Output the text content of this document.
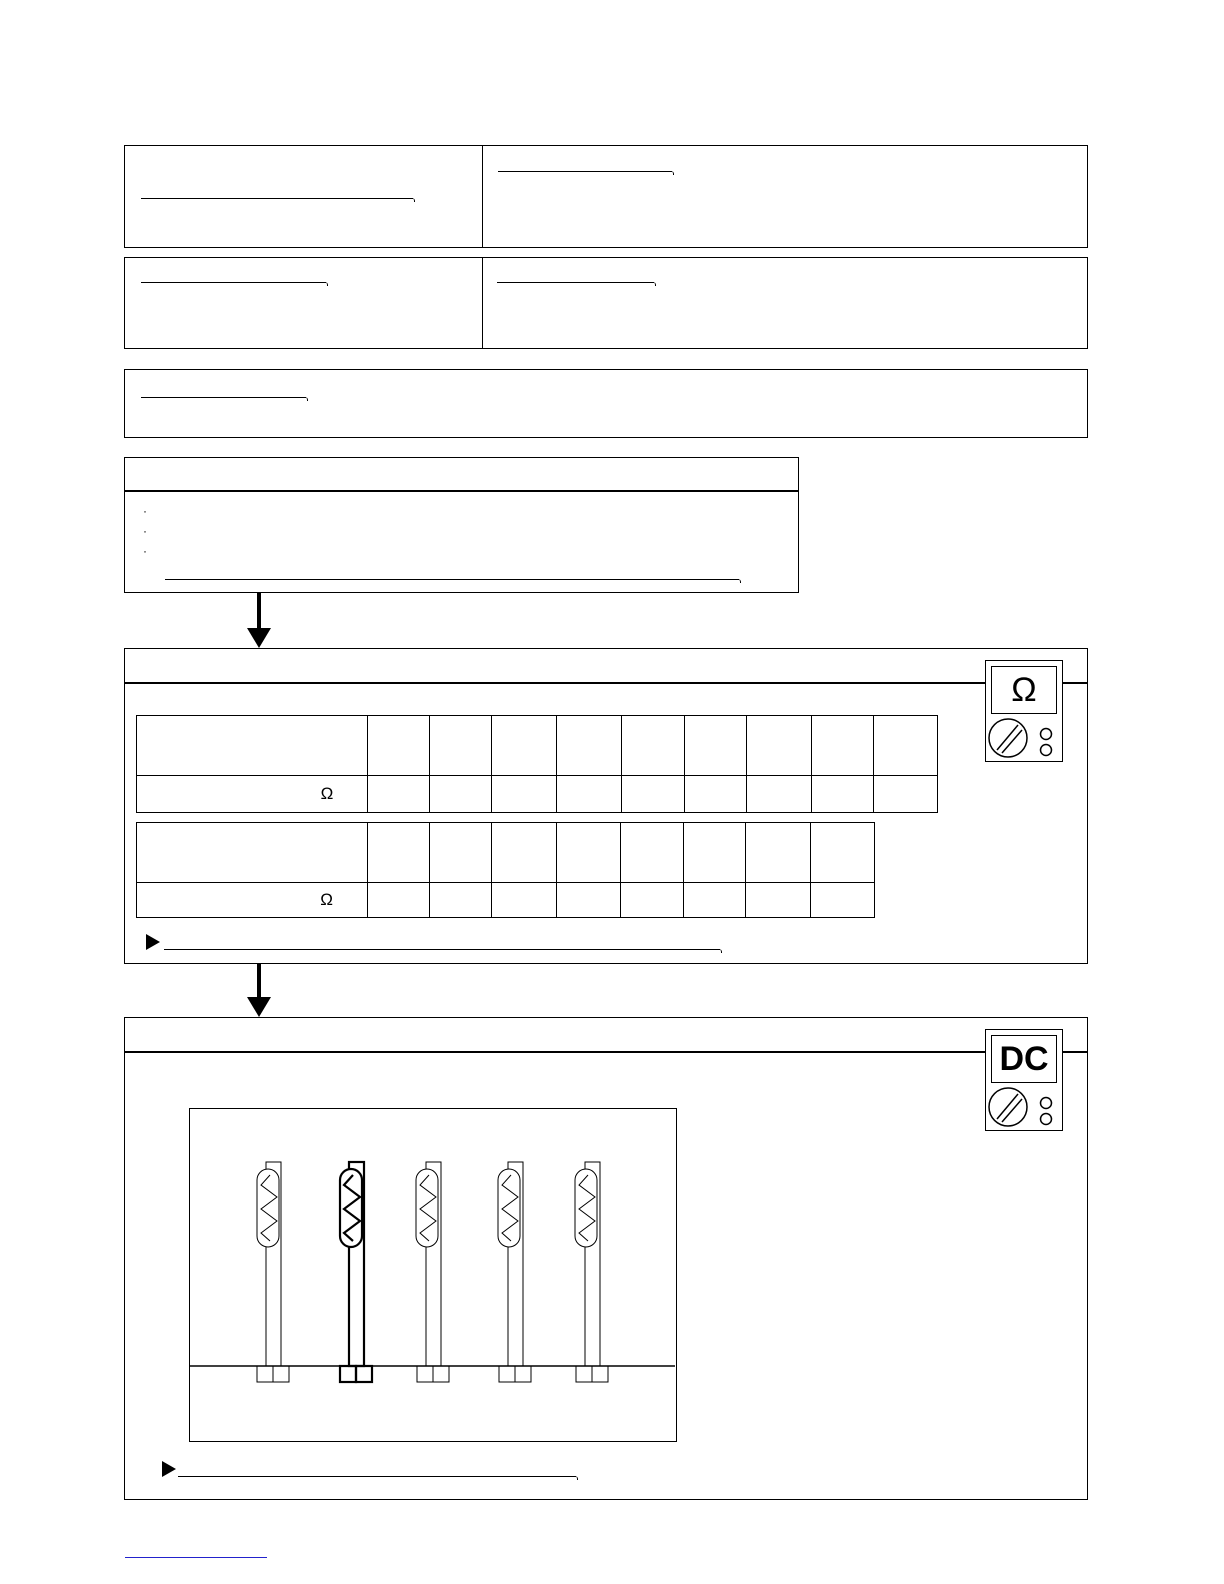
·
·
·

Ω									

Ω								
Ω
DC
